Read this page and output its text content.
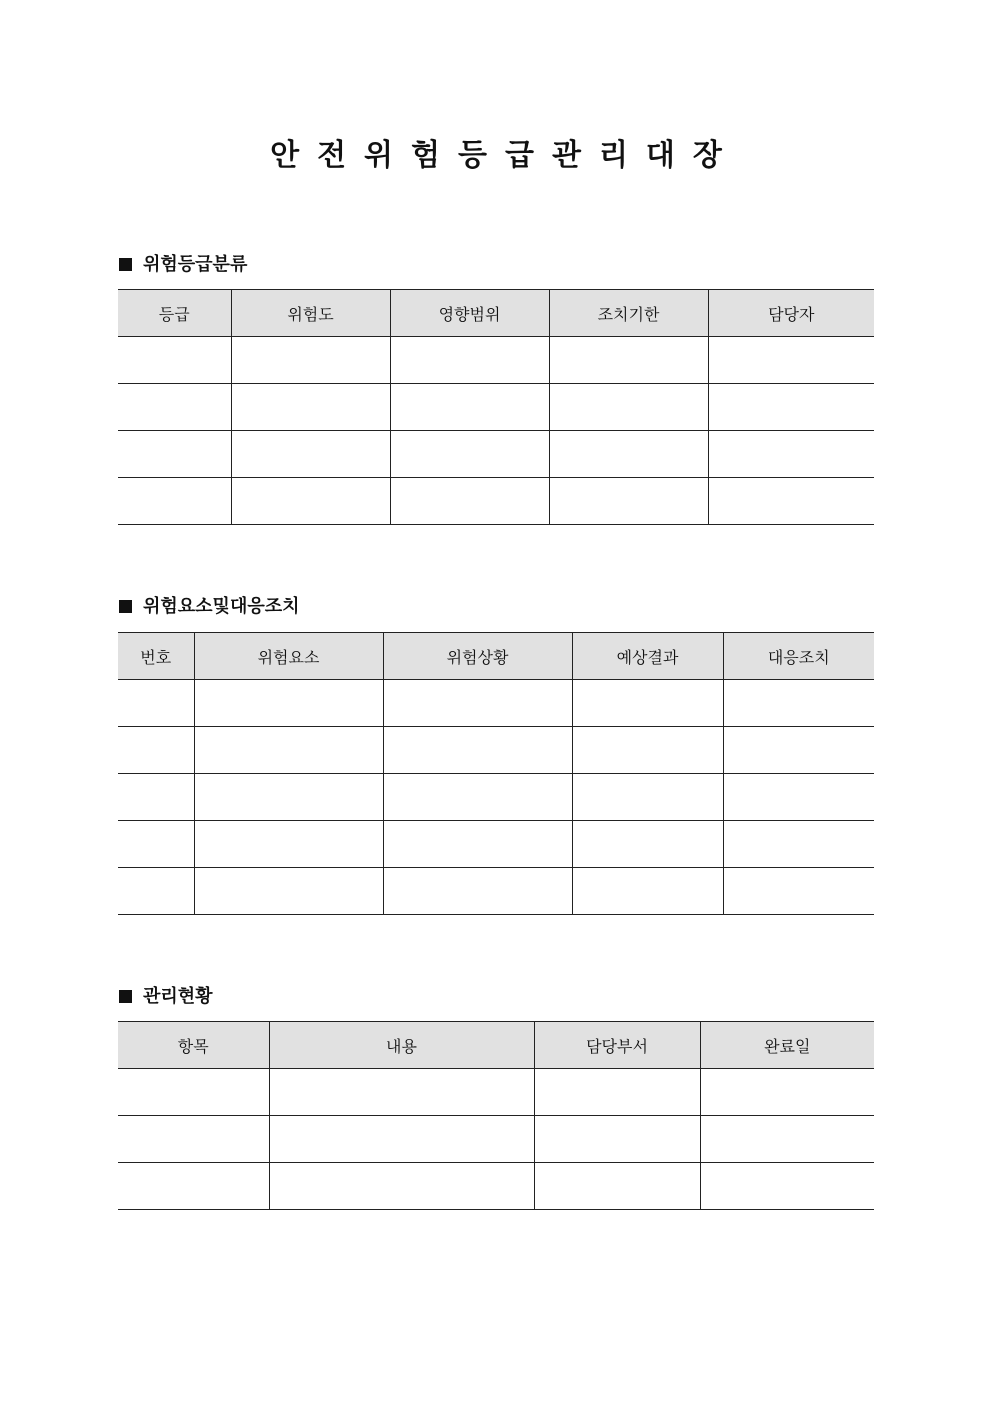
안전위험등급관리대장
위험등급분류
등급	위험도	영향범위	조치기한	담당자

위험요소및대응조치
번호	위험요소	위험상황	예상결과	대응조치

관리현황
항목	내용	담당부서	완료일
